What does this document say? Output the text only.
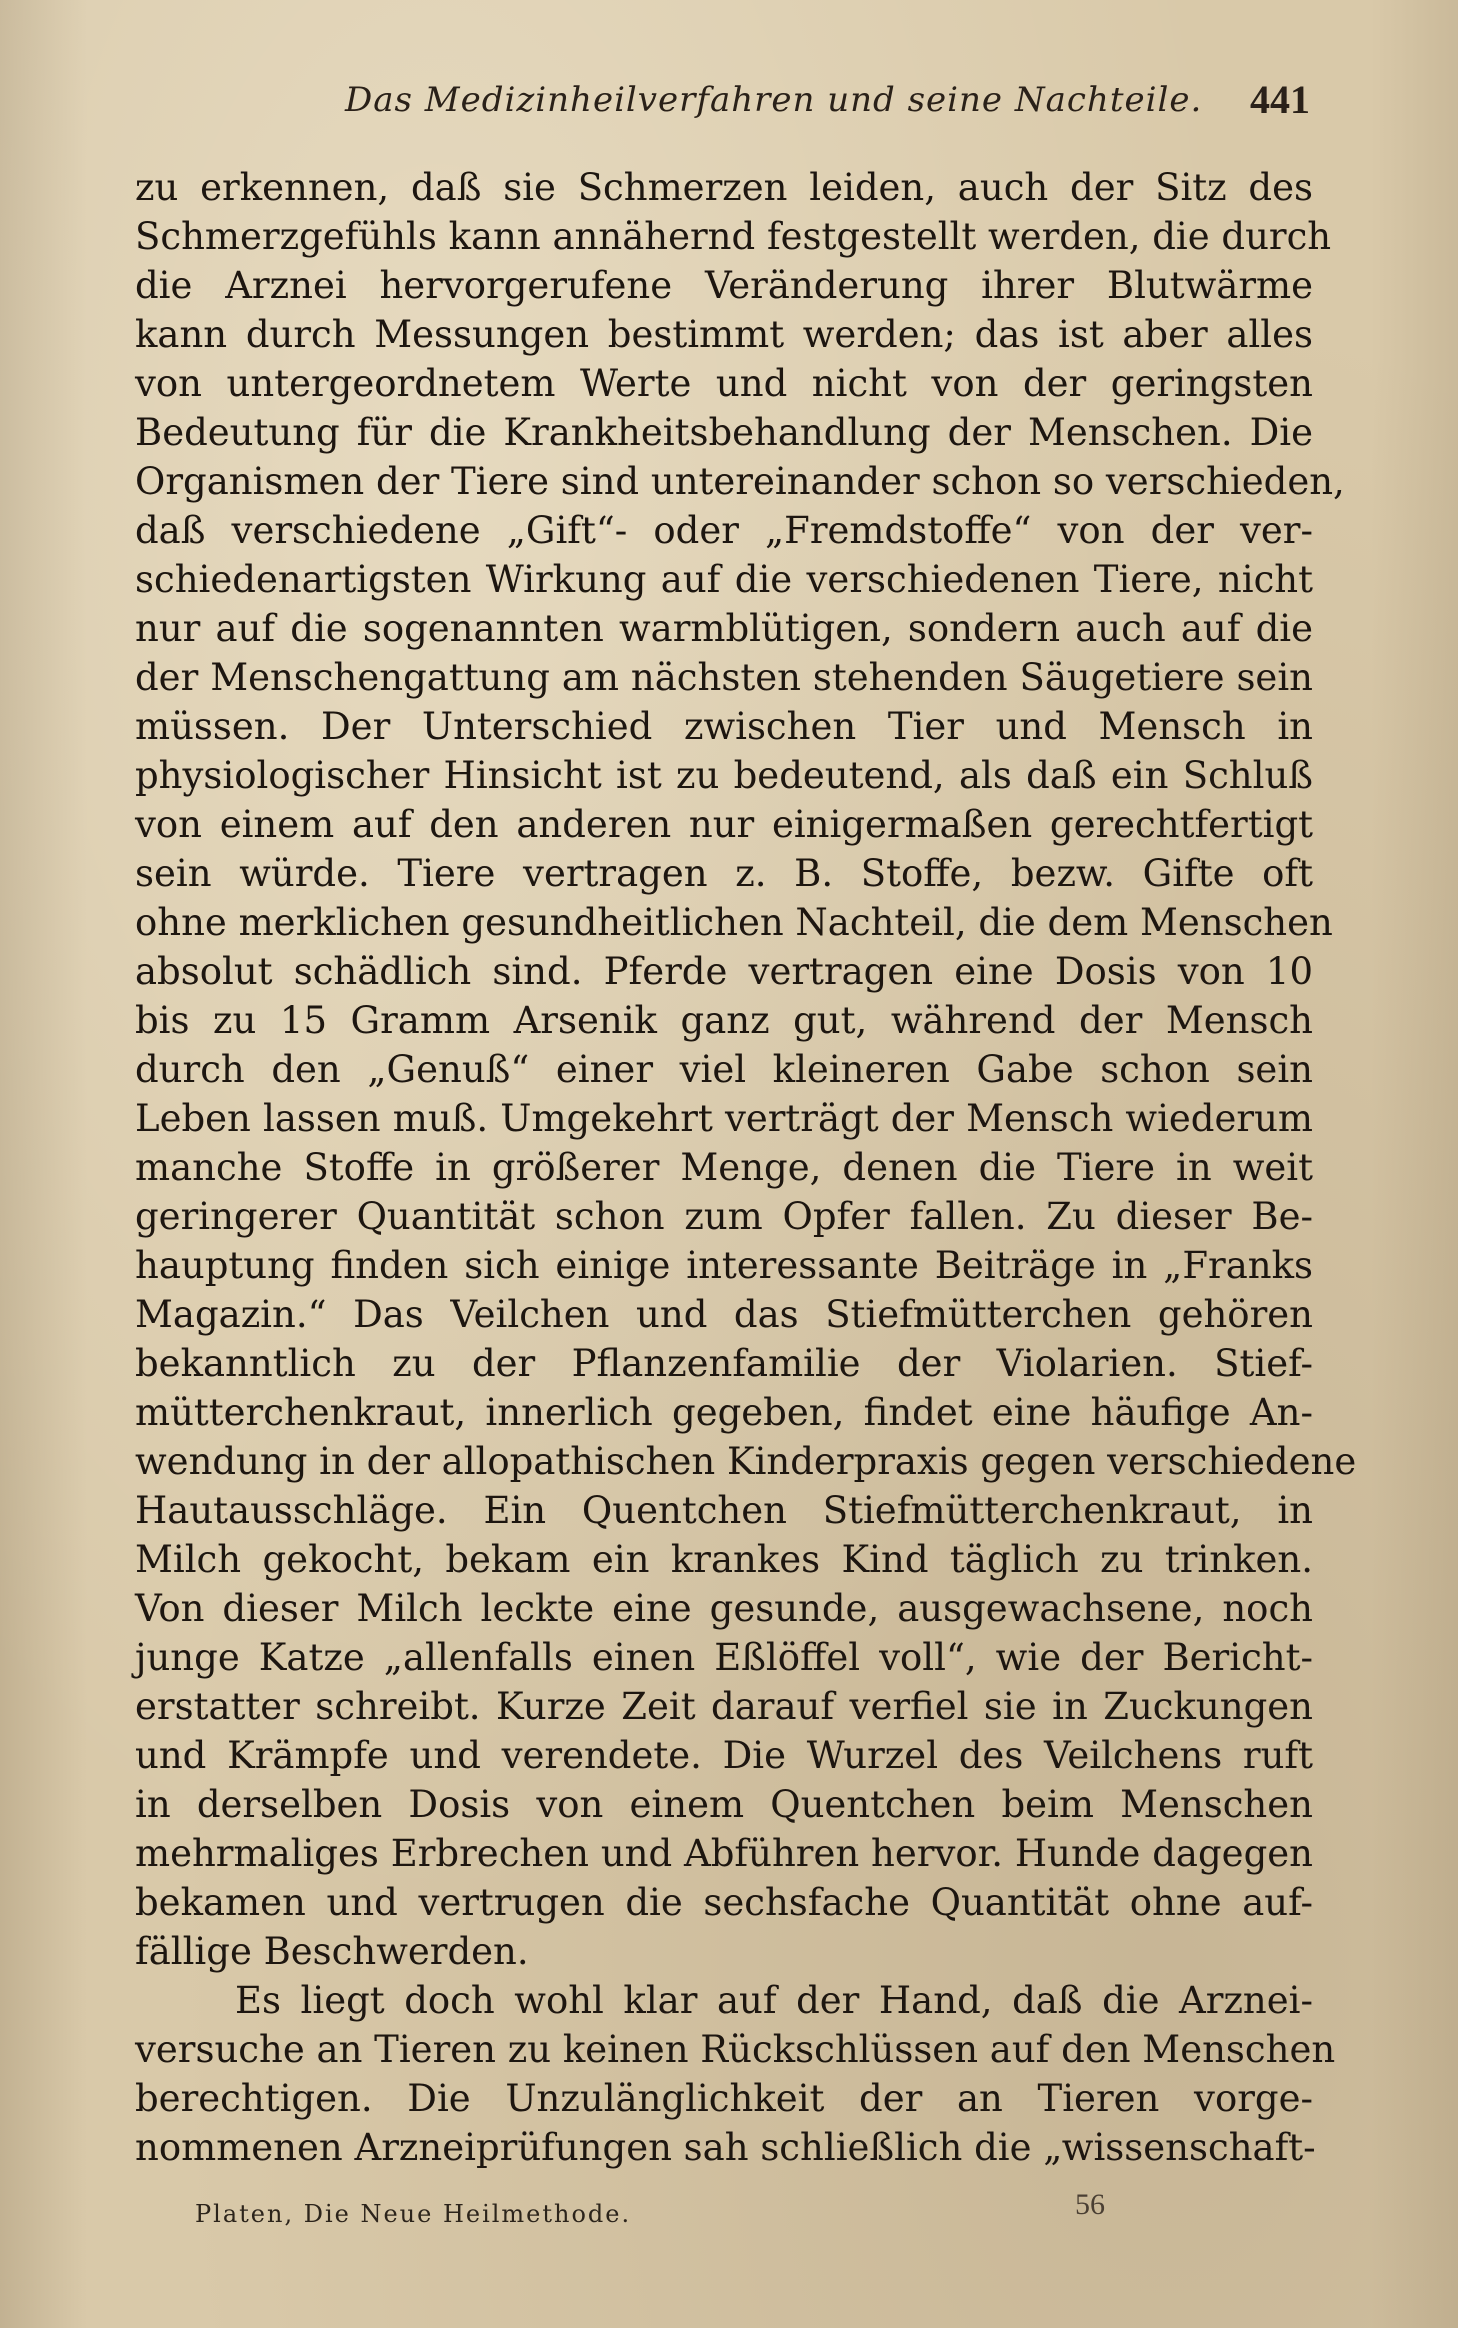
Das Medizinheilverfahren und seine Nachteile. 441
zu erkennen, daß sie Schmerzen leiden, auch der Sitz des
Schmerzgefühls kann annähernd festgestellt werden, die durch
die Arznei hervorgerufene Veränderung ihrer Blutwärme
kann durch Messungen bestimmt werden; das ist aber alles
von untergeordnetem Werte und nicht von der geringsten
Bedeutung für die Krankheitsbehandlung der Menschen. Die
Organismen der Tiere sind untereinander schon so verschieden,
daß verschiedene „Gift“- oder „Fremdstoffe“ von der ver-
schiedenartigsten Wirkung auf die verschiedenen Tiere, nicht
nur auf die sogenannten warmblütigen, sondern auch auf die
der Menschengattung am nächsten stehenden Säugetiere sein
müssen. Der Unterschied zwischen Tier und Mensch in
physiologischer Hinsicht ist zu bedeutend, als daß ein Schluß
von einem auf den anderen nur einigermaßen gerechtfertigt
sein würde. Tiere vertragen z. B. Stoffe, bezw. Gifte oft
ohne merklichen gesundheitlichen Nachteil, die dem Menschen
absolut schädlich sind. Pferde vertragen eine Dosis von 10
bis zu 15 Gramm Arsenik ganz gut, während der Mensch
durch den „Genuß“ einer viel kleineren Gabe schon sein
Leben lassen muß. Umgekehrt verträgt der Mensch wiederum
manche Stoffe in größerer Menge, denen die Tiere in weit
geringerer Quantität schon zum Opfer fallen. Zu dieser Be-
hauptung finden sich einige interessante Beiträge in „Franks
Magazin.“ Das Veilchen und das Stiefmütterchen gehören
bekanntlich zu der Pflanzenfamilie der Violarien. Stief-
mütterchenkraut, innerlich gegeben, findet eine häufige An-
wendung in der allopathischen Kinderpraxis gegen verschiedene
Hautausschläge. Ein Quentchen Stiefmütterchenkraut, in
Milch gekocht, bekam ein krankes Kind täglich zu trinken.
Von dieser Milch leckte eine gesunde, ausgewachsene, noch
junge Katze „allenfalls einen Eßlöffel voll“, wie der Bericht-
erstatter schreibt. Kurze Zeit darauf verfiel sie in Zuckungen
und Krämpfe und verendete. Die Wurzel des Veilchens ruft
in derselben Dosis von einem Quentchen beim Menschen
mehrmaliges Erbrechen und Abführen hervor. Hunde dagegen
bekamen und vertrugen die sechsfache Quantität ohne auf-
fällige Beschwerden.
Es liegt doch wohl klar auf der Hand, daß die Arznei-
versuche an Tieren zu keinen Rückschlüssen auf den Menschen
berechtigen. Die Unzulänglichkeit der an Tieren vorge-
nommenen Arzneiprüfungen sah schließlich die „wissenschaft-
Platen, Die Neue Heilmethode.	56
